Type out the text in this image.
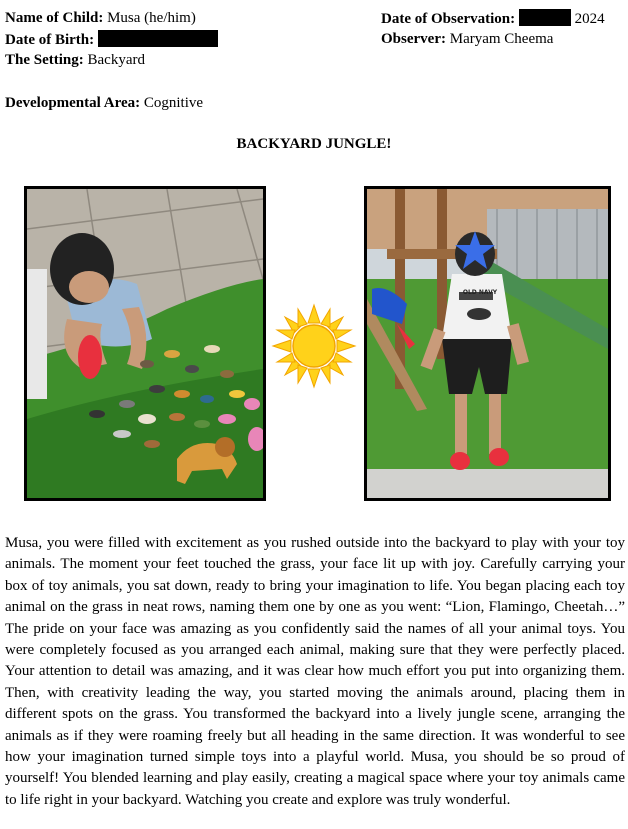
Name of Child: Musa (he/him)
Date of Birth:
The Setting: Backyard
Date of Observation:	2024
Observer: Maryam Cheema
Developmental Area: Cognitive
BACKYARD JUNGLE!
OLD NAVY

Musa, you were filled with excitement as you rushed outside into the backyard to play with your toy animals. The moment your feet touched the grass, your face lit up with joy. Carefully carrying your box of toy animals, you sat down, ready to bring your imagination to life. You began placing each toy animal on the grass in neat rows, naming them one by one as you went: “Lion, Flamingo, Cheetah…” The pride on your face was amazing as you confidently said the names of all your animal toys. You were completely focused as you arranged each animal, making sure that they were perfectly placed. Your attention to detail was amazing, and it was clear how much effort you put into organizing them. Then, with creativity leading the way, you started moving the animals around, placing them in different spots on the grass. You transformed the backyard into a lively jungle scene, arranging the animals as if they were roaming freely but all heading in the same direction. It was wonderful to see how your imagination turned simple toys into a playful world. Musa, you should be so proud of yourself! You blended learning and play easily, creating a magical space where your toy animals came to life right in your backyard. Watching you create and explore was truly wonderful.
